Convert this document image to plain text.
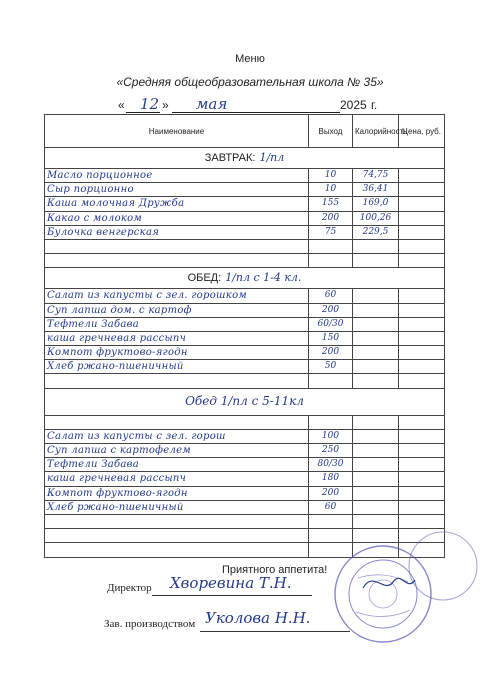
Меню
«Средняя общеобразовательная школа № 35»
« 12 » мая	2025 г.
Наименование	Выход	Калорийность	Цена, руб.
ЗАВТРАК: 1/пл			
Масло порционное	10	74,75	
Сыр порционно	10	36,41	
Каша молочная Дружба	155	169,0	
Какао с молоком	200	100,26	
Булочка венгерская	75	229,5	

ОБЕД: 1/пл с 1-4 кл.			
Салат из капусты с зел. горошком	60		
Суп лапша дом. с картоф	200		
Тефтели Забава	60/30		
каша гречневая рассыпч	150		
Компот фруктово-ягодн	200		
Хлеб ржано-пшеничный	50		

Обед 1/пл с 5-11кл			

Салат из капусты с зел. горош	100		
Суп лапша с картофелем	250		
Тефтели Забава	80/30		
каша гречневая рассыпч	180		
Компот фруктово-ягодн	200		
Хлеб ржано-пшеничный	60		

Приятного аппетита!
Директор Хворевина Т.Н.
Зав. производством Уколова Н.Н.
